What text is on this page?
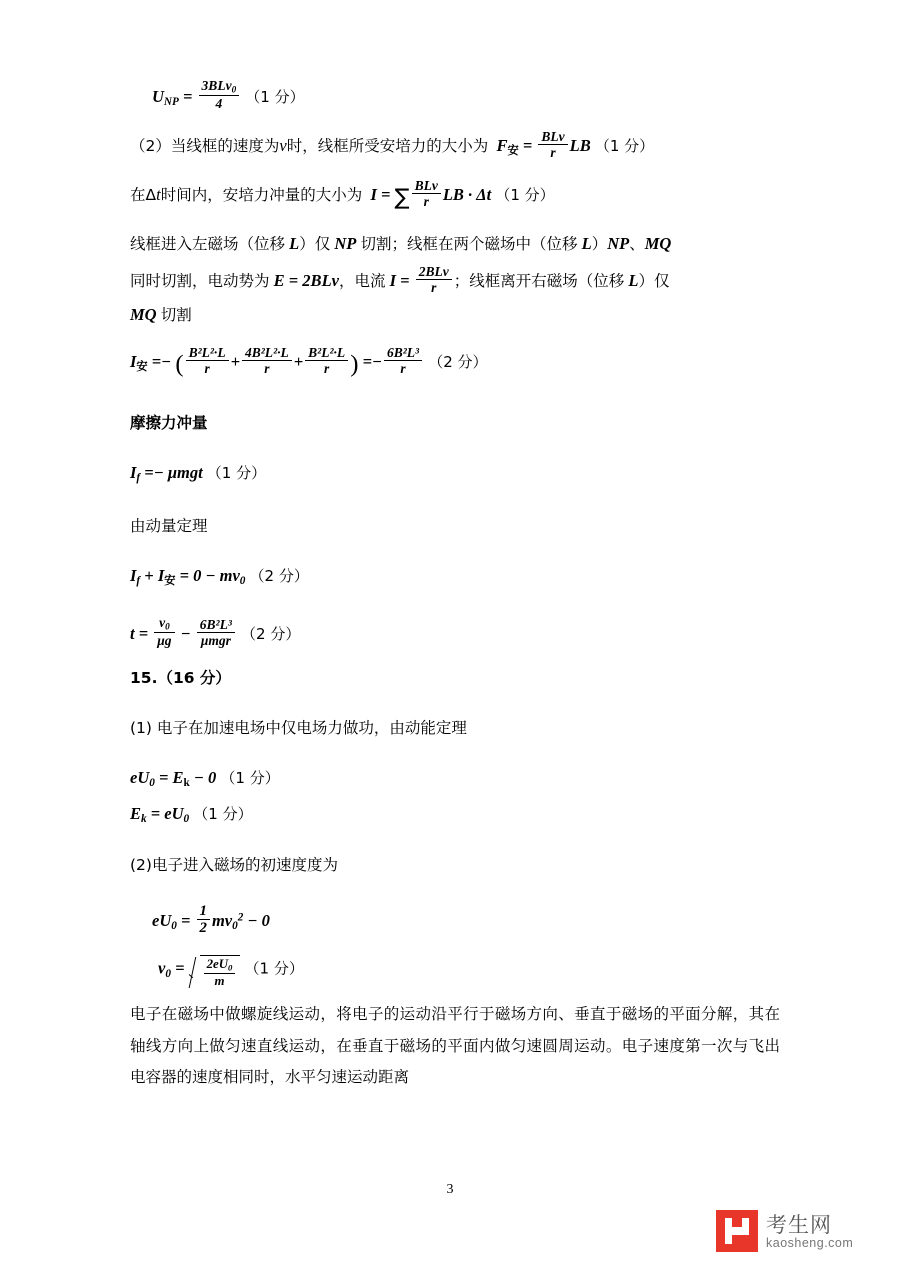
$U_{NP} = \frac{3BLv_0}{4} (1$ 分）
（2）当线框的速度为v时，线框所受安培力的大小为 $F_安 = \frac{\text{BLv}}{r}$ LB （1 分）
在Δt时间内，安培力冲量的大小为 I = ∑ $\frac{\text{BLv}}{r}$ LB · Δt （1 分）
线框进入左磁场（位移 L）仅 NP 切割；线框在两个磁场中（位移 L）NP、MQ
同时切割，电动势为 E = 2BLv，电流 $I = \frac{\text{2BLv}}{r}$ ；线框离开右磁场（位移 L）仅
MQ 切割
$I_安$ =− ( $\frac{\text{B²L²·L}}{r} + \frac{\text{4B²L²·L}}{r} + \frac{\text{B²L²·L}}{r}$ ) =− $\frac{\text{6B²L³}}{r} (2$ 分）
摩擦力冲量
$I_f =- \mu mgt$ （1 分）
由动量定理
$I_f + I_安 = 0 - mv_0$ （2 分）
$t = \frac{v_0}{\mu g} - \frac{\text{6B²L³}}{\text{μmgr}} (2$ 分）
15.（16 分）
(1) 电子在加速电场中仅电场力做功，由动能定理
$eU_0 = E_k - 0$ （1 分）
$E_k = eU_0$ （1 分）
(2)电子进入磁场的初速度度为
$eU_0 = \frac{1}{2} mv_0^2 - 0$
$v_0 = \frac{2eU_0}{m} (1$ 分）
电子在磁场中做螺旋线运动，将电子的运动沿平行于磁场方向、垂直于磁场的平面分解，其在轴线方向上做匀速直线运动，在垂直于磁场的平面内做匀速圆周运动。电子速度第一次与飞出电容器的速度相同时，水平匀速运动距离
3
考生网
kaosheng.com
